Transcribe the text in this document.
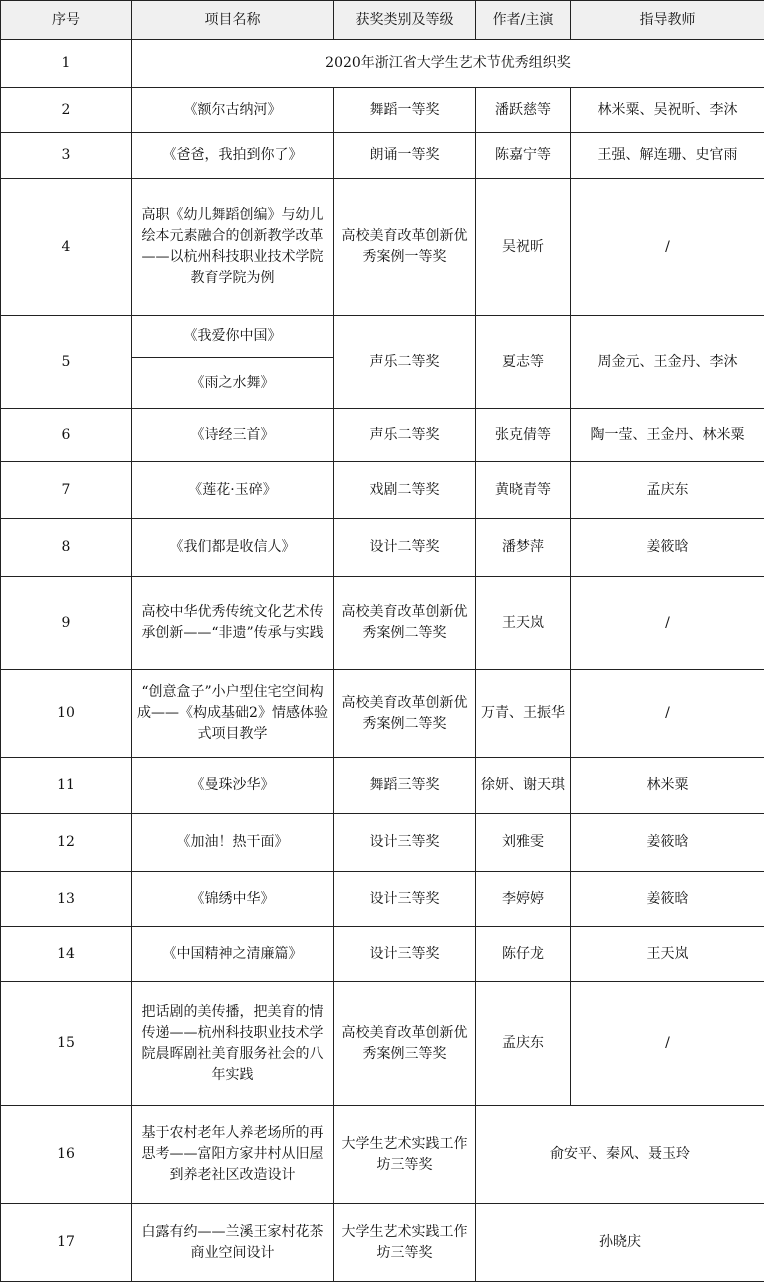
序号	项目名称	获奖类别及等级	作者/主演	指导教师
1	2020年浙江省大学生艺术节优秀组织奖			
2	《额尔古纳河》	舞蹈一等奖	潘跃慈等	林米粟、吴祝昕、李沐
3	《爸爸，我拍到你了》	朗诵一等奖	陈嘉宁等	王强、解连珊、史官雨
4	高职《幼儿舞蹈创编》与幼儿绘本元素融合的创新教学改革——以杭州科技职业技术学院教育学院为例	高校美育改革创新优秀案例一等奖	吴祝昕	/
5	《我爱你中国》	声乐二等奖	夏志等	周金元、王金丹、李沐
	《雨之水舞》			
6	《诗经三首》	声乐二等奖	张克倩等	陶一莹、王金丹、林米粟
7	《莲花·玉碎》	戏剧二等奖	黄晓青等	孟庆东
8	《我们都是收信人》	设计二等奖	潘梦萍	姜筱晗
9	高校中华优秀传统文化艺术传承创新——“非遗”传承与实践	高校美育改革创新优秀案例二等奖	王天岚	/
10	“创意盒子”小户型住宅空间构成——《构成基础2》情感体验式项目教学	高校美育改革创新优秀案例二等奖	万青、王振华	/
11	《曼珠沙华》	舞蹈三等奖	徐妍、谢天琪	林米粟
12	《加油！热干面》	设计三等奖	刘雅雯	姜筱晗
13	《锦绣中华》	设计三等奖	李婷婷	姜筱晗
14	《中国精神之清廉篇》	设计三等奖	陈仔龙	王天岚
15	把话剧的美传播，把美育的情传递——杭州科技职业技术学院晨晖剧社美育服务社会的八年实践	高校美育改革创新优秀案例三等奖	孟庆东	/
16	基于农村老年人养老场所的再思考——富阳方家井村从旧屋到养老社区改造设计	大学生艺术实践工作坊三等奖	俞安平、秦风、聂玉玲	
17	白露有约——兰溪王家村花茶商业空间设计	大学生艺术实践工作坊三等奖	孙晓庆	
